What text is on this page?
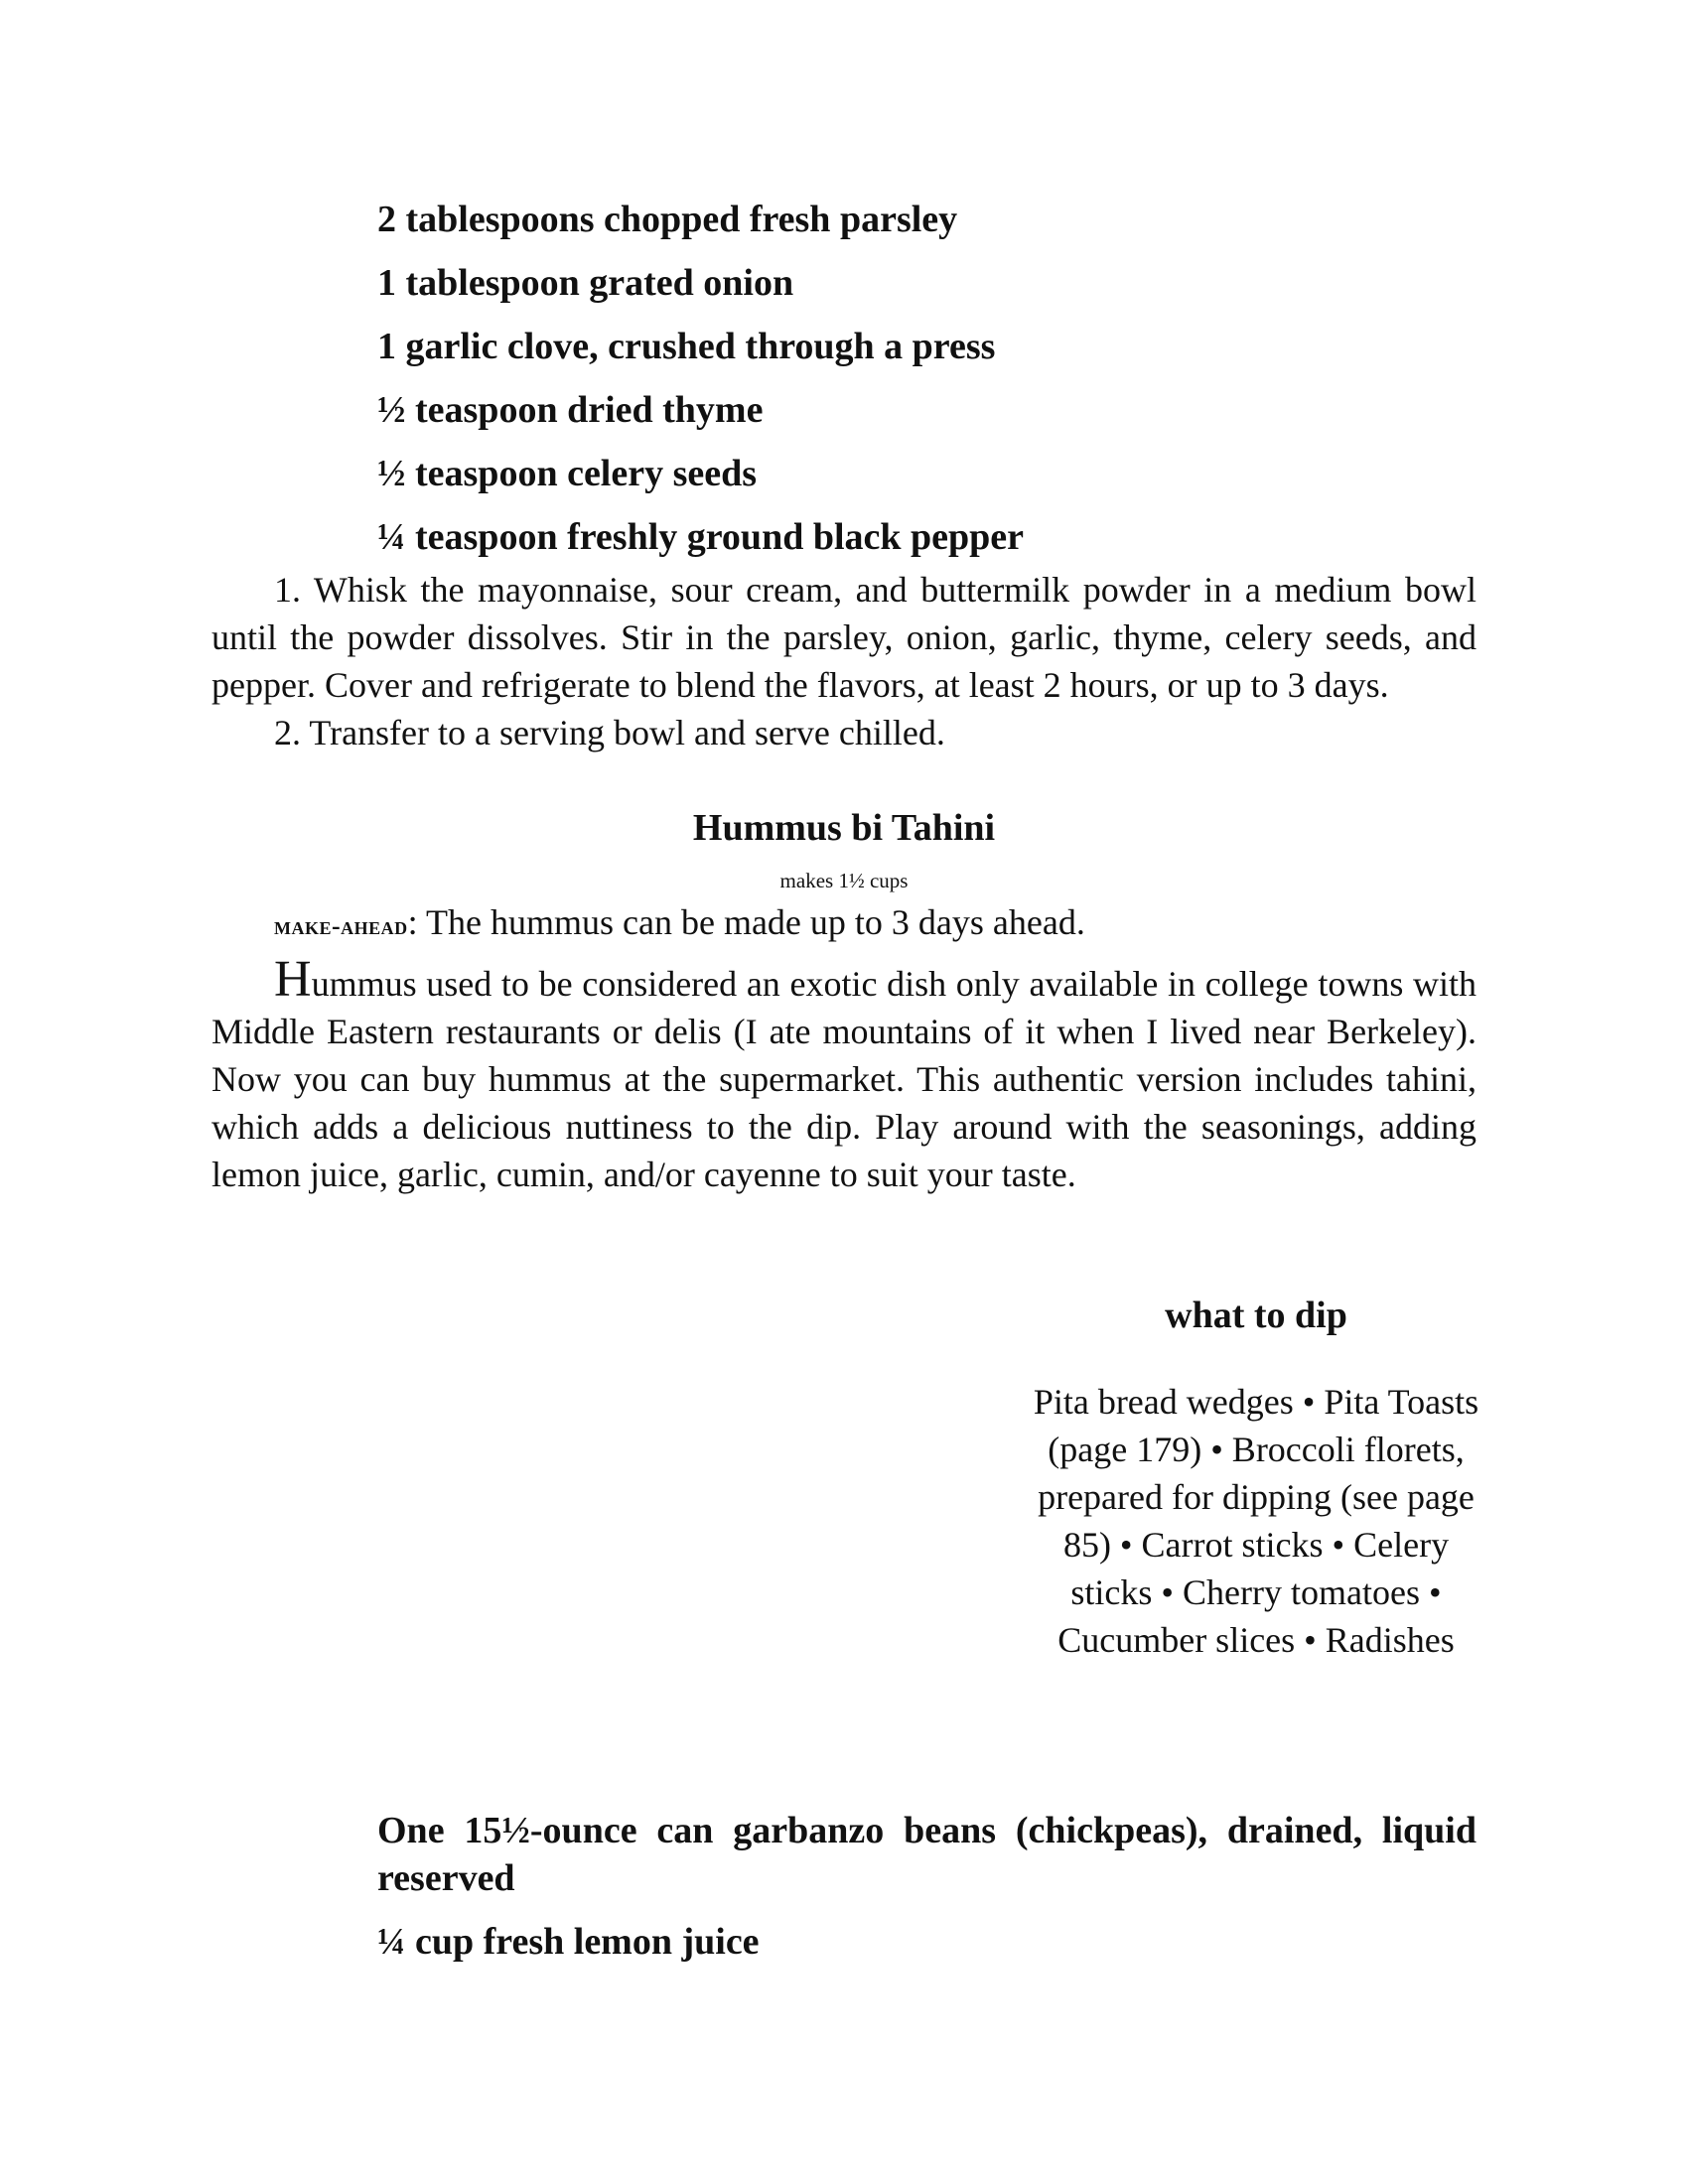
2 tablespoons chopped fresh parsley

1 tablespoon grated onion

1 garlic clove, crushed through a press

½ teaspoon dried thyme

½ teaspoon celery seeds

¼ teaspoon freshly ground black pepper

1. Whisk the mayonnaise, sour cream, and buttermilk powder in a medium bowl until the powder dissolves. Stir in the parsley, onion, garlic, thyme, celery seeds, and pepper. Cover and refrigerate to blend the flavors, at least 2 hours, or up to 3 days.

2. Transfer to a serving bowl and serve chilled.

Hummus bi Tahini

makes 1½ cups

make-ahead: The hummus can be made up to 3 days ahead.

Hummus used to be considered an exotic dish only available in college towns with Middle Eastern restaurants or delis (I ate mountains of it when I lived near Berkeley). Now you can buy hummus at the supermarket. This authentic version includes tahini, which adds a delicious nuttiness to the dip. Play around with the seasonings, adding lemon juice, garlic, cumin, and/or cayenne to suit your taste.

what to dip

Pita bread wedges • Pita Toasts (page 179) • Broccoli florets, prepared for dipping (see page 85) • Carrot sticks • Celery sticks • Cherry tomatoes • Cucumber slices • Radishes

One 15½-ounce can garbanzo beans (chickpeas), drained, liquid reserved

¼ cup fresh lemon juice
